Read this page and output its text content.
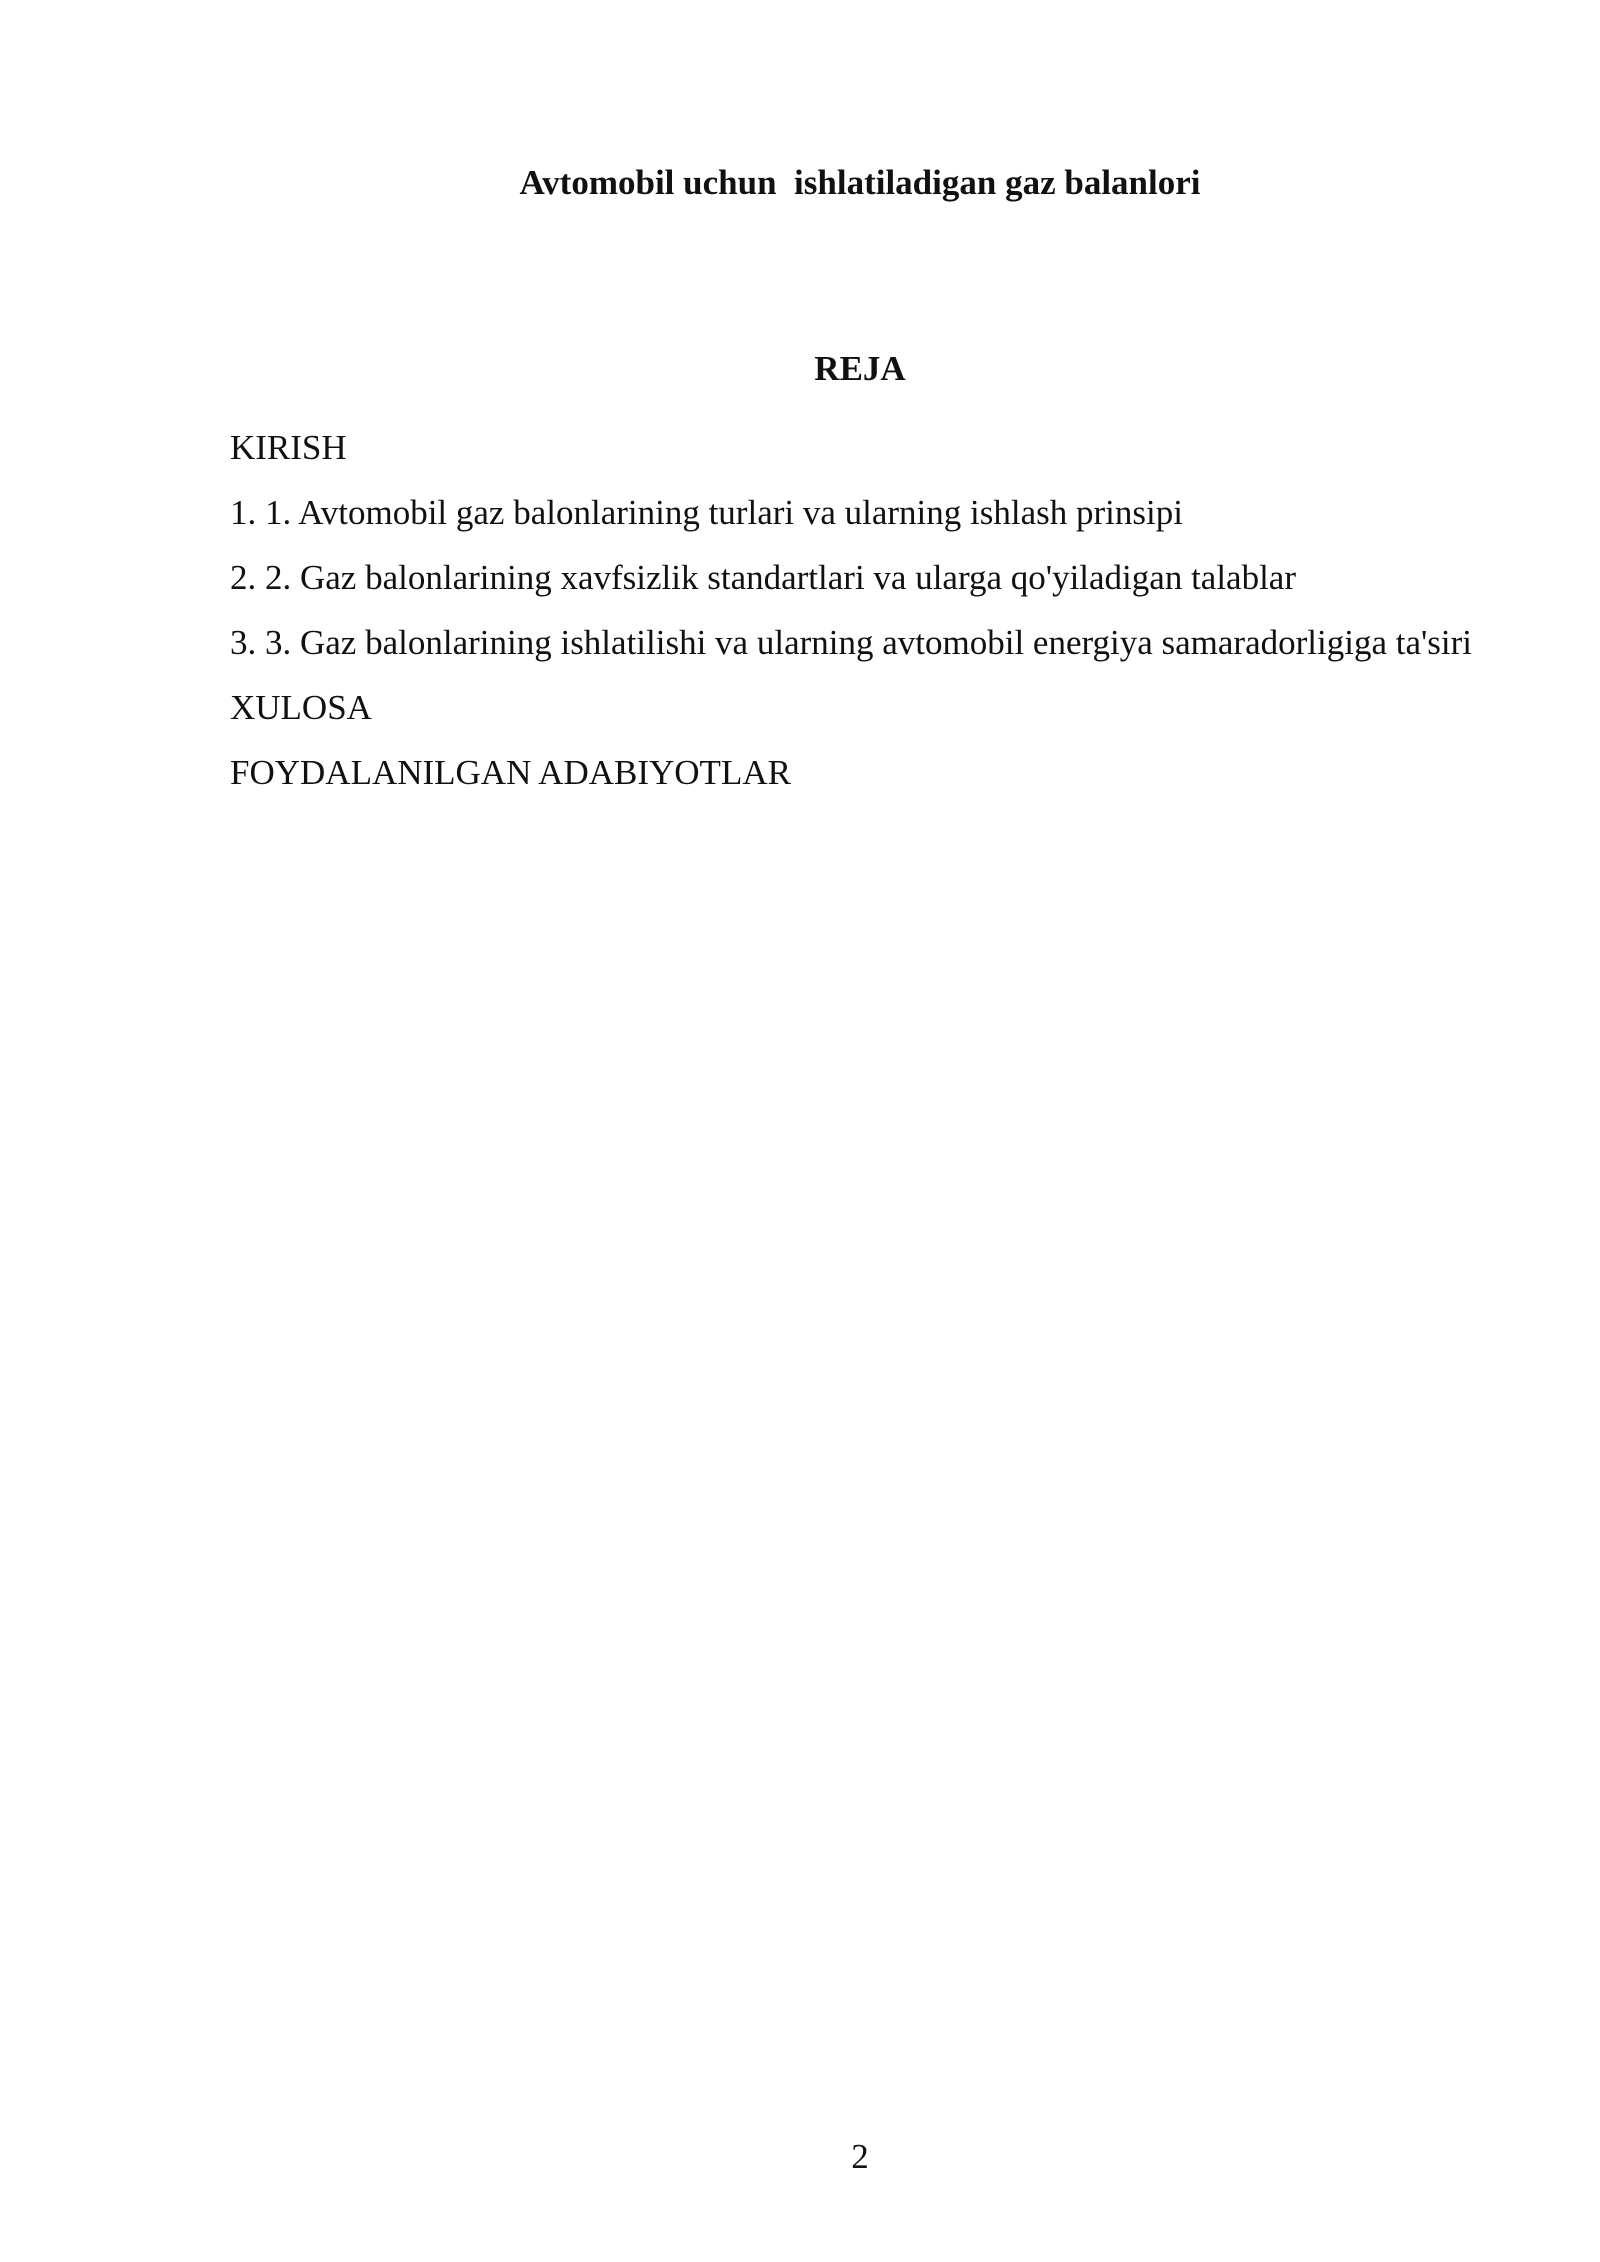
Avtomobil uchun  ishlatiladigan gaz balanlori
REJA
KIRISH
1. 1. Avtomobil gaz balonlarining turlari va ularning ishlash prinsipi
2. 2. Gaz balonlarining xavfsizlik standartlari va ularga qo'yiladigan talablar
3. 3. Gaz balonlarining ishlatilishi va ularning avtomobil energiya samaradorligiga ta'siri
XULOSA
FOYDALANILGAN ADABIYOTLAR
2
